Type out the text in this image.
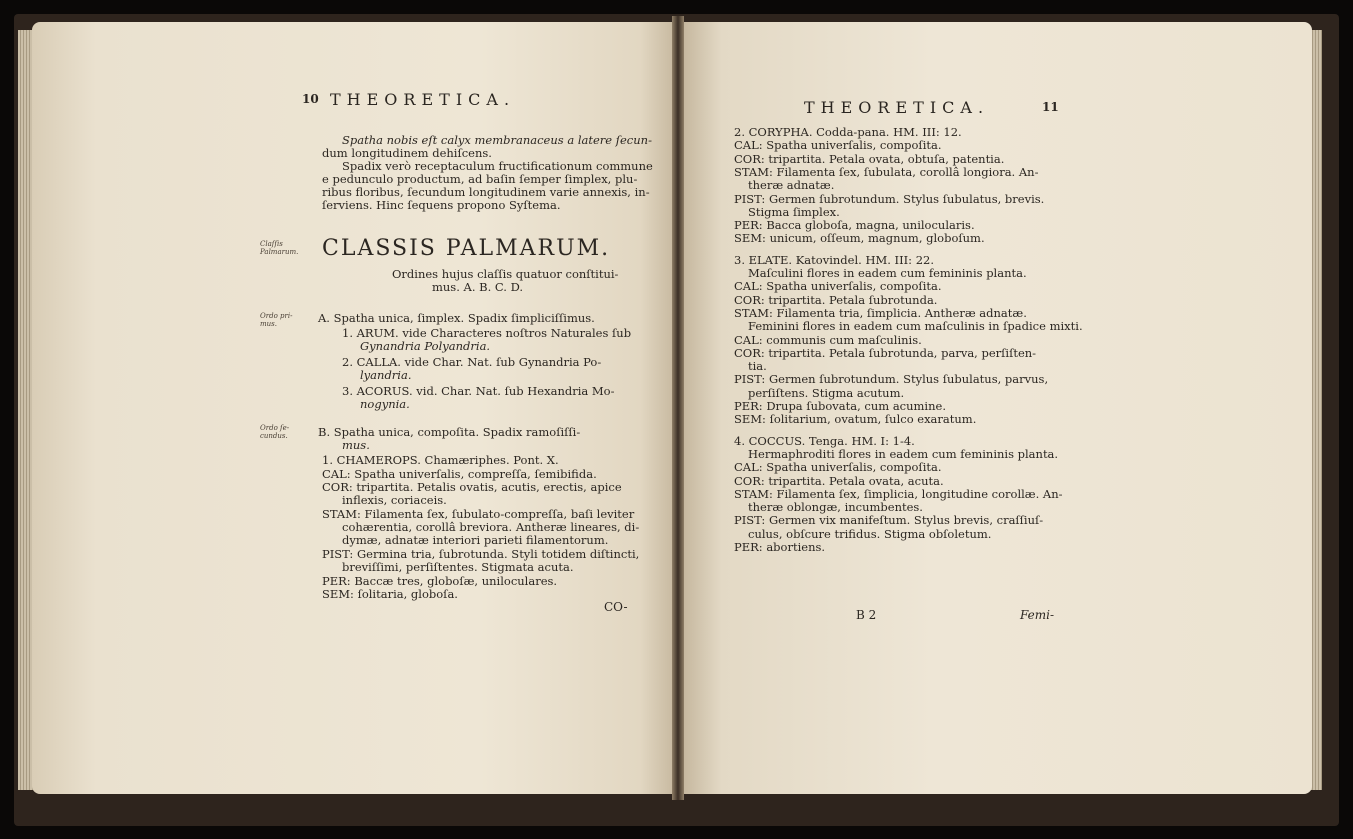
10 THEORETICA.
Spatha nobis eſt calyx membranaceus a latere ſecun-
dum longitudinem dehiſcens.
Spadix verò receptaculum fructificationum commune
e pedunculo productum, ad baſin ſemper ſimplex, plu-
ribus floribus, ſecundum longitudinem varie annexis, in-
ſerviens. Hinc ſequens propono Syſtema.
Claſſis Palmarum. CLASSIS PALMARUM.
Ordines hujus claſſis quatuor conſtitui-
mus. A. B. C. D.
Ordo pri-mus.	A. Spatha unica, ſimplex. Spadix ſimpliciſſimus.
1. ARUM. vide Characteres noſtros Naturales ſub
Gynandria Polyandria.
2. CALLA. vide Char. Nat. ſub Gynandria Po-
lyandria.
3. ACORUS. vid. Char. Nat. ſub Hexandria Mo-
nogynia.
Ordo ſe-cundus.	B. Spatha unica, compoſita. Spadix ramoſiſſi-
mus.
1. CHAMEROPS. Chamæriphes. Pont. X.
CAL: Spatha univerſalis, compreſſa, ſemibifida.
COR: tripartita. Petalis ovatis, acutis, erectis, apice
inflexis, coriaceis.
STAM: Filamenta ſex, ſubulato-compreſſa, baſi leviter
cohærentia, corollâ breviora. Antheræ lineares, di-
dymæ, adnatæ interiori parieti filamentorum.
PIST: Germina tria, ſubrotunda. Styli totidem diſtincti,
breviſſimi, perſiſtentes. Stigmata acuta.
PER: Baccæ tres, globoſæ, uniloculares.
SEM: ſolitaria, globoſa.
CO-
THEORETICA.	11
2. CORYPHA. Codda-pana. HM. III: 12.
CAL: Spatha univerſalis, compoſita.
COR: tripartita. Petala ovata, obtuſa, patentia.
STAM: Filamenta ſex, ſubulata, corollâ longiora. An-
theræ adnatæ.
PIST: Germen ſubrotundum. Stylus ſubulatus, brevis.
Stigma ſimplex.
PER: Bacca globoſa, magna, unilocularis.
SEM: unicum, oſſeum, magnum, globoſum.
3. ELATE. Katovindel. HM. III: 22.
Maſculini flores in eadem cum femininis planta.
CAL: Spatha univerſalis, compoſita.
COR: tripartita. Petala ſubrotunda.
STAM: Filamenta tria, ſimplicia. Antheræ adnatæ.
Feminini flores in eadem cum maſculinis in ſpadice mixti.
CAL: communis cum maſculinis.
COR: tripartita. Petala ſubrotunda, parva, perſiſten-
tia.
PIST: Germen ſubrotundum. Stylus ſubulatus, parvus,
perſiſtens. Stigma acutum.
PER: Drupa ſubovata, cum acumine.
SEM: ſolitarium, ovatum, ſulco exaratum.
4. COCCUS. Tenga. HM. I: 1-4.
Hermaphroditi flores in eadem cum femininis planta.
CAL: Spatha univerſalis, compoſita.
COR: tripartita. Petala ovata, acuta.
STAM: Filamenta ſex, ſimplicia, longitudine corollæ. An-
theræ oblongæ, incumbentes.
PIST: Germen vix manifeſtum. Stylus brevis, craſſiuſ-
culus, obſcure trifidus. Stigma obſoletum.
PER: abortiens.
B 2	Femi-
